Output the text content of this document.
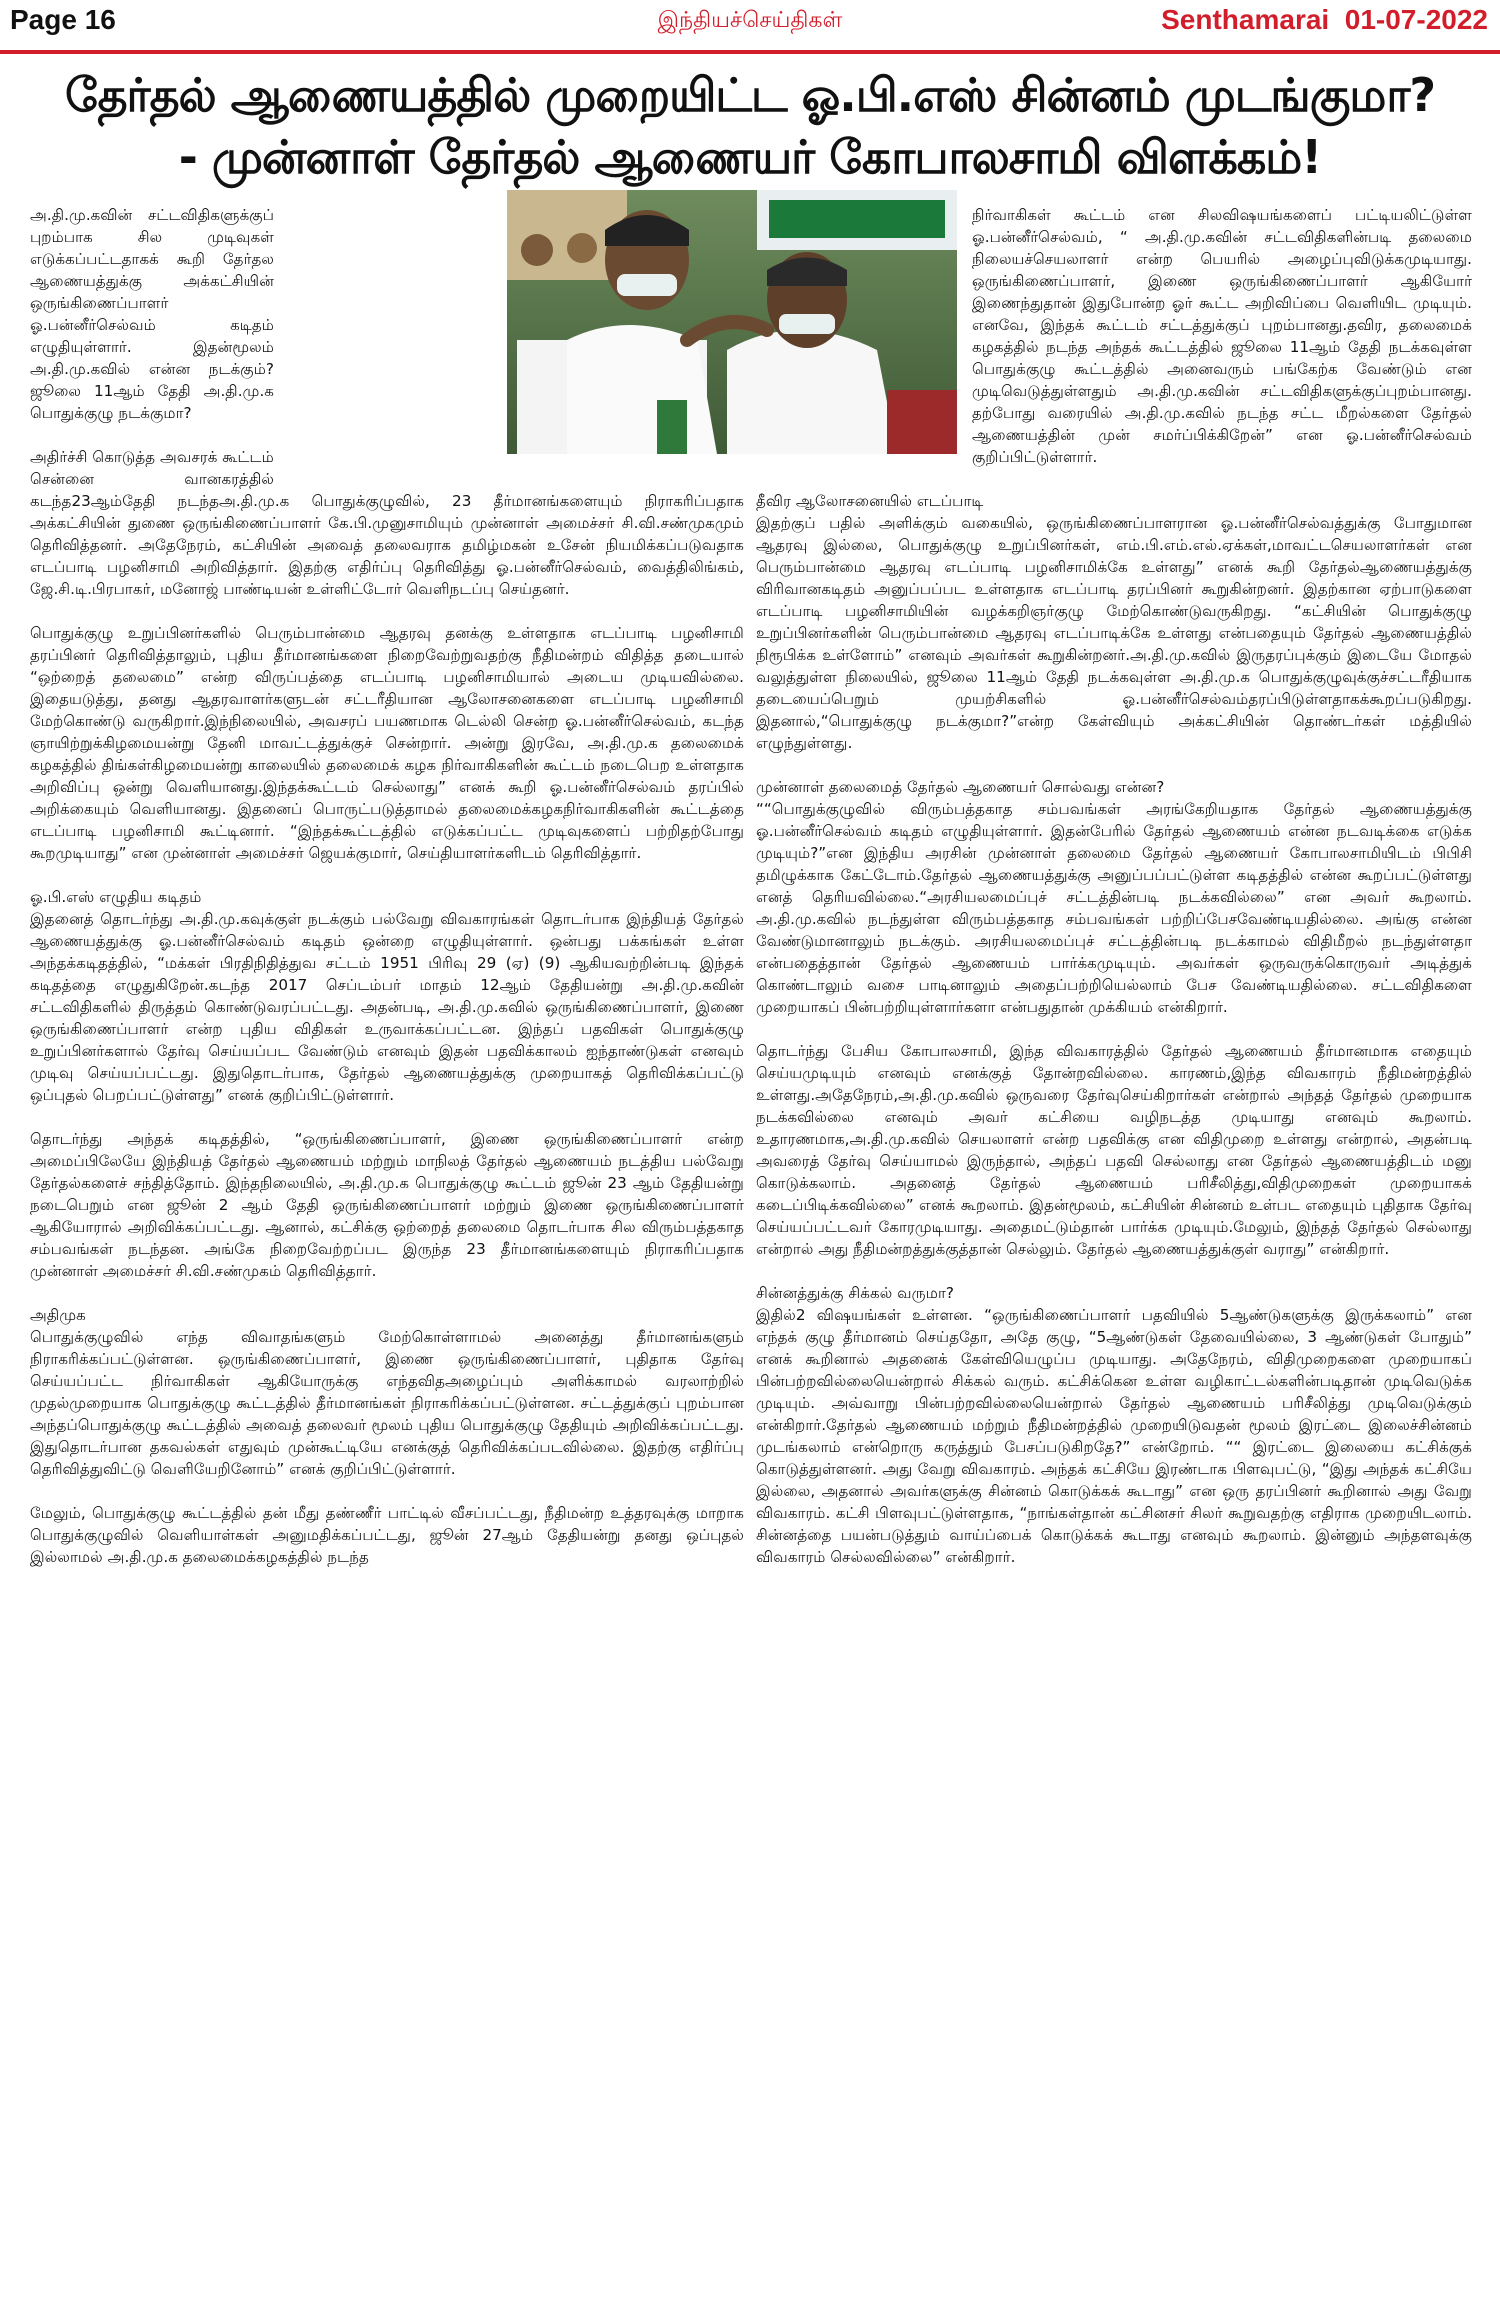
Page 16	இந்தியச்செய்திகள்	Senthamarai 01-07-2022
தேர்தல் ஆணையத்தில் முறையிட்ட ஓ.பி.எஸ் சின்னம் முடங்குமா?
- முன்னாள் தேர்தல் ஆணையர் கோபாலசாமி விளக்கம்!

அ.தி.மு.கவின் சட்டவிதிகளுக்குப் புறம்பாக சில முடிவுகள் எடுக்கப்பட்டதாகக் கூறி தேர்தல ஆணையத்துக்கு அக்கட்சியின் ஒருங்கிணைப்பாளர் ஓ.பன்னீர்செல்வம் கடிதம் எழுதியுள்ளார். இதன்மூலம் அ.தி.மு.கவில் என்ன நடக்கும்? ஜூலை 11ஆம் தேதி அ.தி.மு.க பொதுக்குழு நடக்குமா?

அதிர்ச்சி கொடுத்த அவசரக் கூட்டம்
சென்னை வானகரத்தில் கடந்த23ஆம்தேதி நடந்தஅ.தி.மு.க பொதுக்குழுவில், 23 தீர்மானங்களையும் நிராகரிப்பதாக அக்கட்சியின் துணை ஒருங்கிணைப்பாளர் கே.பி.முனுசாமியும் முன்னாள் அமைச்சர் சி.வி.சண்முகமும் தெரிவித்தனர். அதேநேரம், கட்சியின் அவைத் தலைவராக தமிழ்மகன் உசேன் நியமிக்கப்படுவதாக எடப்பாடி பழனிசாமி அறிவித்தார். இதற்கு எதிர்ப்பு தெரிவித்து ஓ.பன்னீர்செல்வம், வைத்திலிங்கம், ஜே.சி.டி.பிரபாகர், மனோஜ் பாண்டியன் உள்ளிட்டோர் வெளிநடப்பு செய்தனர்.

பொதுக்குழு உறுப்பினர்களில் பெரும்பான்மை ஆதரவு தனக்கு உள்ளதாக எடப்பாடி பழனிசாமி தரப்பினர் தெரிவித்தாலும், புதிய தீர்மானங்களை நிறைவேற்றுவதற்கு நீதிமன்றம் விதித்த தடையால் “ஒற்றைத் தலைமை” என்ற விருப்பத்தை எடப்பாடி பழனிசாமியால் அடைய முடியவில்லை. இதையடுத்து, தனது ஆதரவாளர்களுடன் சட்டரீதியான ஆலோசனைகளை எடப்பாடி பழனிசாமி மேற்கொண்டு வருகிறார்.இந்நிலையில், அவசரப் பயணமாக டெல்லி சென்ற ஓ.பன்னீர்செல்வம், கடந்த ஞாயிற்றுக்கிழமையன்று தேனி மாவட்டத்துக்குச் சென்றார். அன்று இரவே, அ.தி.மு.க தலைமைக் கழகத்தில் திங்கள்கிழமையன்று காலையில் தலைமைக் கழக நிர்வாகிகளின் கூட்டம் நடைபெற உள்ளதாக அறிவிப்பு ஒன்று வெளியானது.இந்தக்கூட்டம் செல்லாது” எனக் கூறி ஓ.பன்னீர்செல்வம் தரப்பில் அறிக்கையும் வெளியானது. இதனைப் பொருட்படுத்தாமல் தலைமைக்கழகநிர்வாகிகளின் கூட்டத்தை எடப்பாடி பழனிசாமி கூட்டினார். “இந்தக்கூட்டத்தில் எடுக்கப்பட்ட முடிவுகளைப் பற்றிதற்போது கூறமுடியாது” என முன்னாள் அமைச்சர் ஜெயக்குமார், செய்தியாளர்களிடம் தெரிவித்தார்.

ஓ.பி.எஸ் எழுதிய கடிதம்
இதனைத் தொடர்ந்து அ.தி.மு.கவுக்குள் நடக்கும் பல்வேறு விவகாரங்கள் தொடர்பாக இந்தியத் தேர்தல் ஆணையத்துக்கு ஓ.பன்னீர்செல்வம் கடிதம் ஒன்றை எழுதியுள்ளார். ஒன்பது பக்கங்கள் உள்ள அந்தக்கடிதத்தில், “மக்கள் பிரதிநிதித்துவ சட்டம் 1951 பிரிவு 29 (ஏ) (9) ஆகியவற்றின்படி இந்தக் கடிதத்தை எழுதுகிறேன்.கடந்த 2017 செப்டம்பர் மாதம் 12ஆம் தேதியன்று அ.தி.மு.கவின் சட்டவிதிகளில் திருத்தம் கொண்டுவரப்பட்டது. அதன்படி, அ.தி.மு.கவில் ஒருங்கிணைப்பாளர், இணை ஒருங்கிணைப்பாளர் என்ற புதிய விதிகள் உருவாக்கப்பட்டன. இந்தப் பதவிகள் பொதுக்குழு உறுப்பினர்களால் தேர்வு செய்யப்பட வேண்டும் எனவும் இதன் பதவிக்காலம் ஐந்தாண்டுகள் எனவும் முடிவு செய்யப்பட்டது. இதுதொடர்பாக, தேர்தல் ஆணையத்துக்கு முறையாகத் தெரிவிக்கப்பட்டு ஒப்புதல் பெறப்பட்டுள்ளது” எனக் குறிப்பிட்டுள்ளார்.

தொடர்ந்து அந்தக் கடிதத்தில், “ஒருங்கிணைப்பாளர், இணை ஒருங்கிணைப்பாளர் என்ற அமைப்பிலேயே இந்தியத் தேர்தல் ஆணையம் மற்றும் மாநிலத் தேர்தல் ஆணையம் நடத்திய பல்வேறு தேர்தல்களைச் சந்தித்தோம். இந்தநிலையில், அ.தி.மு.க பொதுக்குழு கூட்டம் ஜூன் 23 ஆம் தேதியன்று நடைபெறும் என ஜூன் 2 ஆம் தேதி ஒருங்கிணைப்பாளர் மற்றும் இணை ஒருங்கிணைப்பாளர் ஆகியோரால் அறிவிக்கப்பட்டது. ஆனால், கட்சிக்கு ஒற்றைத் தலைமை தொடர்பாக சில விரும்பத்தகாத சம்பவங்கள் நடந்தன. அங்கே நிறைவேற்றப்பட இருந்த 23 தீர்மானங்களையும் நிராகரிப்பதாக முன்னாள் அமைச்சர் சி.வி.சண்முகம் தெரிவித்தார்.

அதிமுக
பொதுக்குழுவில் எந்த விவாதங்களும் மேற்கொள்ளாமல் அனைத்து தீர்மானங்களும் நிராகரிக்கப்பட்டுள்ளன. ஒருங்கிணைப்பாளர், இணை ஒருங்கிணைப்பாளர், புதிதாக தேர்வு செய்யப்பட்ட நிர்வாகிகள் ஆகியோருக்கு எந்தவிதஅழைப்பும் அளிக்காமல் வரலாற்றில் முதல்முறையாக பொதுக்குழு கூட்டத்தில் தீர்மானங்கள் நிராகரிக்கப்பட்டுள்ளன. சட்டத்துக்குப் புறம்பான அந்தப்பொதுக்குழு கூட்டத்தில் அவைத் தலைவர் மூலம் புதிய பொதுக்குழு தேதியும் அறிவிக்கப்பட்டது. இதுதொடர்பான தகவல்கள் எதுவும் முன்கூட்டியே எனக்குத் தெரிவிக்கப்படவில்லை. இதற்கு எதிர்ப்பு தெரிவித்துவிட்டு வெளியேறினோம்” எனக் குறிப்பிட்டுள்ளார்.

மேலும், பொதுக்குழு கூட்டத்தில் தன் மீது தண்ணீர் பாட்டில் வீசப்பட்டது, நீதிமன்ற உத்தரவுக்கு மாறாக பொதுக்குழுவில் வெளியாள்கள் அனுமதிக்கப்பட்டது, ஜூன் 27ஆம் தேதியன்று தனது ஒப்புதல் இல்லாமல் அ.தி.மு.க தலைமைக்கழகத்தில் நடந்த

நிர்வாகிகள் கூட்டம் என சிலவிஷயங்களைப் பட்டியலிட்டுள்ள ஓ.பன்னீர்செல்வம், “ அ.தி.மு.கவின் சட்டவிதிகளின்படி தலைமை நிலையச்செயலாளர் என்ற பெயரில் அழைப்புவிடுக்கமுடியாது. ஒருங்கிணைப்பாளர், இணை ஒருங்கிணைப்பாளர் ஆகியோர் இணைந்துதான் இதுபோன்ற ஓர் கூட்ட அறிவிப்பை வெளியிட முடியும். எனவே, இந்தக் கூட்டம் சட்டத்துக்குப் புறம்பானது.தவிர, தலைமைக் கழகத்தில் நடந்த அந்தக் கூட்டத்தில் ஜூலை 11ஆம் தேதி நடக்கவுள்ள பொதுக்குழு கூட்டத்தில் அனைவரும் பங்கேற்க வேண்டும் என முடிவெடுத்துள்ளதும் அ.தி.மு.கவின் சட்டவிதிகளுக்குப்புறம்பானது. தற்போது வரையில் அ.தி.மு.கவில் நடந்த சட்ட மீறல்களை தேர்தல் ஆணையத்தின் முன் சமர்ப்பிக்கிறேன்” என ஓ.பன்னீர்செல்வம் குறிப்பிட்டுள்ளார்.

தீவிர ஆலோசனையில் எடப்பாடி
இதற்குப் பதில் அளிக்கும் வகையில், ஒருங்கிணைப்பாளரான ஓ.பன்னீர்செல்வத்துக்கு போதுமான ஆதரவு இல்லை, பொதுக்குழு உறுப்பினர்கள், எம்.பி.எம்.எல்.ஏக்கள்,மாவட்டசெயலாளர்கள் என பெரும்பான்மை ஆதரவு எடப்பாடி பழனிசாமிக்கே உள்ளது” எனக் கூறி தேர்தல்ஆணையத்துக்கு விரிவானகடிதம் அனுப்பப்பட உள்ளதாக எடப்பாடி தரப்பினர் கூறுகின்றனர். இதற்கான ஏற்பாடுகளை எடப்பாடி பழனிசாமியின் வழக்கறிஞர்குழு மேற்கொண்டுவருகிறது. “கட்சியின் பொதுக்குழு உறுப்பினர்களின் பெரும்பான்மை ஆதரவு எடப்பாடிக்கே உள்ளது என்பதையும் தேர்தல் ஆணையத்தில் நிரூபிக்க உள்ளோம்” எனவும் அவர்கள் கூறுகின்றனர்.அ.தி.மு.கவில் இருதரப்புக்கும் இடையே மோதல் வலுத்துள்ள நிலையில், ஜூலை 11ஆம் தேதி நடக்கவுள்ள அ.தி.மு.க பொதுக்குழுவுக்குச்சட்டரீதியாக தடையைப்பெறும் முயற்சிகளில் ஓ.பன்னீர்செல்வம்தரப்பிடுள்ளதாகக்கூறப்படுகிறது. இதனால்,“பொதுக்குழு நடக்குமா?”என்ற கேள்வியும் அக்கட்சியின் தொண்டர்கள் மத்தியில் எழுந்துள்ளது.

முன்னாள் தலைமைத் தேர்தல் ஆணையர் சொல்வது என்ன?
““பொதுக்குழுவில் விரும்பத்தகாத சம்பவங்கள் அரங்கேறியதாக தேர்தல் ஆணையத்துக்கு ஓ.பன்னீர்செல்வம் கடிதம் எழுதியுள்ளார். இதன்பேரில் தேர்தல் ஆணையம் என்ன நடவடிக்கை எடுக்க முடியும்?”என இந்திய அரசின் முன்னாள் தலைமை தேர்தல் ஆணையர் கோபாலசாமியிடம் பிபிசி தமிழுக்காக கேட்டோம்.தேர்தல் ஆணையத்துக்கு அனுப்பப்பட்டுள்ள கடிதத்தில் என்ன கூறப்பட்டுள்ளது எனத் தெரியவில்லை.“அரசியலமைப்புச் சட்டத்தின்படி நடக்கவில்லை” என அவர் கூறலாம். அ.தி.மு.கவில் நடந்துள்ள விரும்பத்தகாத சம்பவங்கள் பற்றிப்பேசவேண்டியதில்லை. அங்கு என்ன வேண்டுமானாலும் நடக்கும். அரசியலமைப்புச் சட்டத்தின்படி நடக்காமல் விதிமீறல் நடந்துள்ளதா என்பதைத்தான் தேர்தல் ஆணையம் பார்க்கமுடியும். அவர்கள் ஒருவருக்கொருவர் அடித்துக் கொண்டாலும் வசை பாடினாலும் அதைப்பற்றியெல்லாம் பேச வேண்டியதில்லை. சட்டவிதிகளை முறையாகப் பின்பற்றியுள்ளார்களா என்பதுதான் முக்கியம் என்கிறார்.

தொடர்ந்து பேசிய கோபாலசாமி, இந்த விவகாரத்தில் தேர்தல் ஆணையம் தீர்மானமாக எதையும் செய்யமுடியும் எனவும் எனக்குத் தோன்றவில்லை. காரணம்,இந்த விவகாரம் நீதிமன்றத்தில் உள்ளது.அதேநேரம்,அ.தி.மு.கவில் ஒருவரை தேர்வுசெய்கிறார்கள் என்றால் அந்தத் தேர்தல் முறையாக நடக்கவில்லை எனவும் அவர் கட்சியை வழிநடத்த முடியாது எனவும் கூறலாம். உதாரணமாக,அ.தி.மு.கவில் செயலாளர் என்ற பதவிக்கு என விதிமுறை உள்ளது என்றால், அதன்படி அவரைத் தேர்வு செய்யாமல் இருந்தால், அந்தப் பதவி செல்லாது என தேர்தல் ஆணையத்திடம் மனு கொடுக்கலாம். அதனைத் தேர்தல் ஆணையம் பரிசீலித்து,விதிமுறைகள் முறையாகக் கடைப்பிடிக்கவில்லை” எனக் கூறலாம். இதன்மூலம், கட்சியின் சின்னம் உள்பட எதையும் புதிதாக தேர்வு செய்யப்பட்டவர் கோரமுடியாது. அதைமட்டும்தான் பார்க்க முடியும்.மேலும், இந்தத் தேர்தல் செல்லாது என்றால் அது நீதிமன்றத்துக்குத்தான் செல்லும். தேர்தல் ஆணையத்துக்குள் வராது” என்கிறார்.

சின்னத்துக்கு சிக்கல் வருமா?
இதில்2 விஷயங்கள் உள்ளன. “ஒருங்கிணைப்பாளர் பதவியில் 5ஆண்டுகளுக்கு இருக்கலாம்” என எந்தக் குழு தீர்மானம் செய்ததோ, அதே குழு, “5ஆண்டுகள் தேவையில்லை, 3 ஆண்டுகள் போதும்” எனக் கூறினால் அதனைக் கேள்வியெழுப்ப முடியாது. அதேநேரம், விதிமுறைகளை முறையாகப் பின்பற்றவில்லையென்றால் சிக்கல் வரும். கட்சிக்கென உள்ள வழிகாட்டல்களின்படிதான் முடிவெடுக்க முடியும். அவ்வாறு பின்பற்றவில்லையென்றால் தேர்தல் ஆணையம் பரிசீலித்து முடிவெடுக்கும் என்கிறார்.தேர்தல் ஆணையம் மற்றும் நீதிமன்றத்தில் முறையிடுவதன் மூலம் இரட்டை இலைச்சின்னம் முடங்கலாம் என்றொரு கருத்தும் பேசப்படுகிறதே?” என்றோம். ““ இரட்டை இலையை கட்சிக்குக் கொடுத்துள்ளனர். அது வேறு விவகாரம். அந்தக் கட்சியே இரண்டாக பிளவுபட்டு, “இது அந்தக் கட்சியே இல்லை, அதனால் அவர்களுக்கு சின்னம் கொடுக்கக் கூடாது” என ஒரு தரப்பினர் கூறினால் அது வேறு விவகாரம். கட்சி பிளவுபட்டுள்ளதாக, “நாங்கள்தான் கட்சினசர் சிலர் கூறுவதற்கு எதிராக முறையிடலாம். சின்னத்தை பயன்படுத்தும் வாய்ப்பைக் கொடுக்கக் கூடாது எனவும் கூறலாம். இன்னும் அந்தளவுக்கு விவகாரம் செல்லவில்லை” என்கிறார்.
